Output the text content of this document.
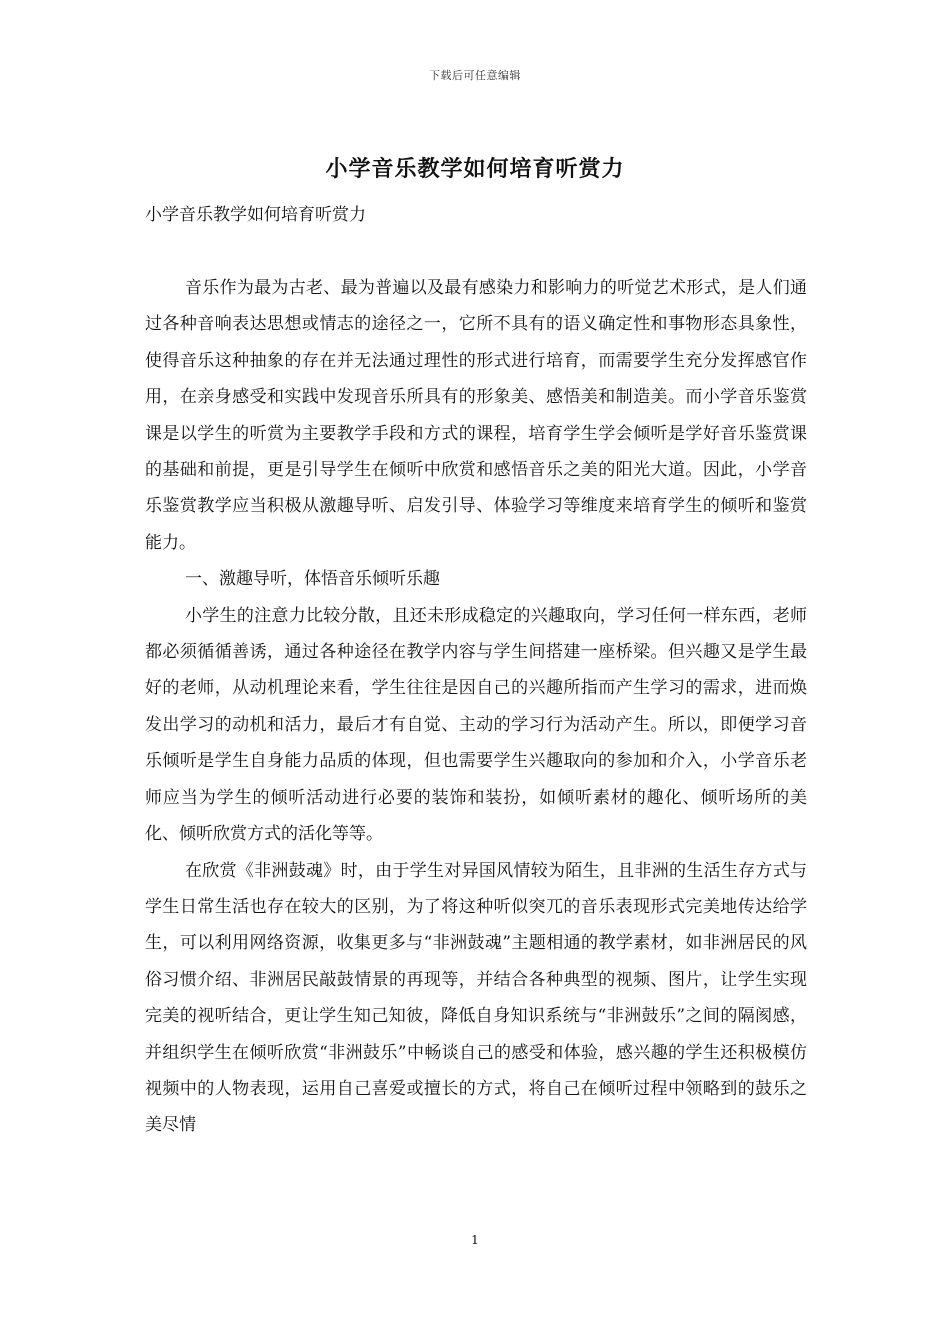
下载后可任意编辑
小学音乐教学如何培育听赏力
小学音乐教学如何培育听赏力

音乐作为最为古老、最为普遍以及最有感染力和影响力的听觉艺术形式，是人们通过各种音响表达思想或情志的途径之一，它所不具有的语义确定性和事物形态具象性，使得音乐这种抽象的存在并无法通过理性的形式进行培育，而需要学生充分发挥感官作用，在亲身感受和实践中发现音乐所具有的形象美、感悟美和制造美。而小学音乐鉴赏课是以学生的听赏为主要教学手段和方式的课程，培育学生学会倾听是学好音乐鉴赏课的基础和前提，更是引导学生在倾听中欣赏和感悟音乐之美的阳光大道。因此，小学音乐鉴赏教学应当积极从激趣导听、启发引导、体验学习等维度来培育学生的倾听和鉴赏能力。

一、激趣导听，体悟音乐倾听乐趣

小学生的注意力比较分散，且还未形成稳定的兴趣取向，学习任何一样东西，老师都必须循循善诱，通过各种途径在教学内容与学生间搭建一座桥梁。但兴趣又是学生最好的老师，从动机理论来看，学生往往是因自己的兴趣所指而产生学习的需求，进而焕发出学习的动机和活力，最后才有自觉、主动的学习行为活动产生。所以，即便学习音乐倾听是学生自身能力品质的体现，但也需要学生兴趣取向的参加和介入，小学音乐老师应当为学生的倾听活动进行必要的装饰和装扮，如倾听素材的趣化、倾听场所的美化、倾听欣赏方式的活化等等。

在欣赏《非洲鼓魂》时，由于学生对异国风情较为陌生，且非洲的生活生存方式与学生日常生活也存在较大的区别，为了将这种听似突兀的音乐表现形式完美地传达给学生，可以利用网络资源，收集更多与“非洲鼓魂”主题相通的教学素材，如非洲居民的风俗习惯介绍、非洲居民敲鼓情景的再现等，并结合各种典型的视频、图片，让学生实现完美的视听结合，更让学生知己知彼，降低自身知识系统与“非洲鼓乐”之间的隔阂感，并组织学生在倾听欣赏“非洲鼓乐”中畅谈自己的感受和体验，感兴趣的学生还积极模仿视频中的人物表现，运用自己喜爱或擅长的方式，将自己在倾听过程中领略到的鼓乐之美尽情

1
